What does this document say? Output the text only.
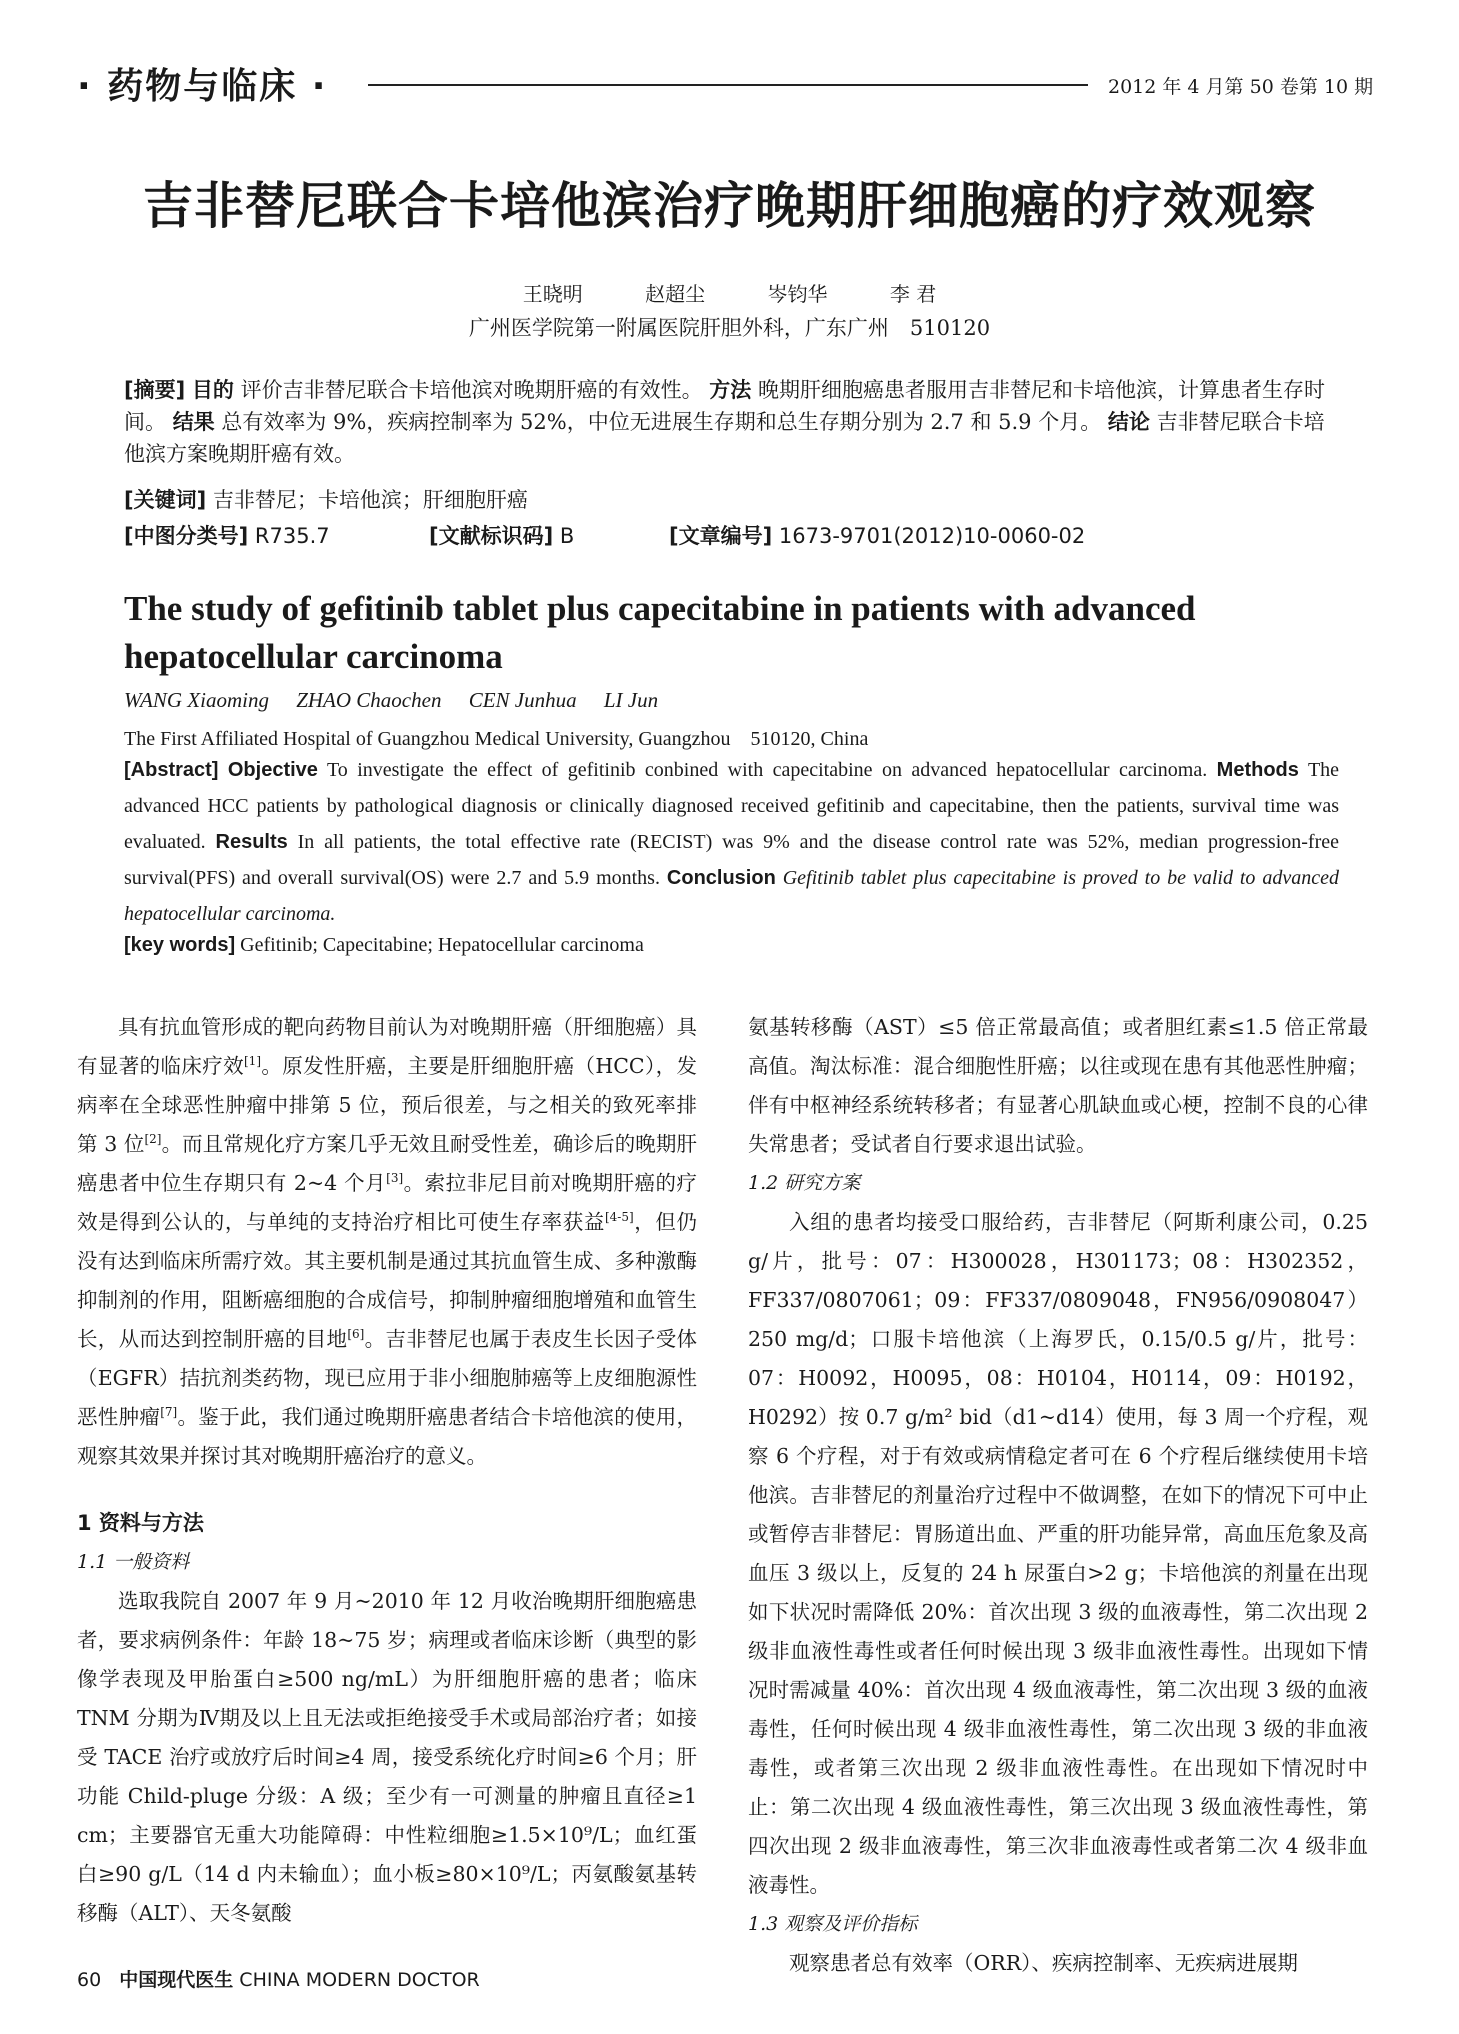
· 药物与临床 ·	2012 年 4 月第 50 卷第 10 期
吉非替尼联合卡培他滨治疗晚期肝细胞癌的疗效观察
王晓明	赵超尘	岑钧华	李 君
广州医学院第一附属医院肝胆外科，广东广州　510120
[摘要] 目的 评价吉非替尼联合卡培他滨对晚期肝癌的有效性。 方法 晚期肝细胞癌患者服用吉非替尼和卡培他滨，计算患者生存时间。 结果 总有效率为 9%，疾病控制率为 52%，中位无进展生存期和总生存期分别为 2.7 和 5.9 个月。 结论 吉非替尼联合卡培他滨方案晚期肝癌有效。
[关键词] 吉非替尼；卡培他滨；肝细胞肝癌
[中图分类号] R735.7	[文献标识码] B	[文章编号] 1673-9701(2012)10-0060-02
The study of gefitinib tablet plus capecitabine in patients with advanced hepatocellular carcinoma
WANG Xiaoming ZHAO Chaochen CEN Junhua LI Jun
The First Affiliated Hospital of Guangzhou Medical University, Guangzhou　510120, China
[Abstract] Objective To investigate the effect of gefitinib conbined with capecitabine on advanced hepatocellular carcinoma. Methods The advanced HCC patients by pathological diagnosis or clinically diagnosed received gefitinib and capecitabine, then the patients, survival time was evaluated. Results In all patients, the total effective rate (RECIST) was 9% and the disease control rate was 52%, median progression-free survival(PFS) and overall survival(OS) were 2.7 and 5.9 months. Conclusion Gefitinib tablet plus capecitabine is proved to be valid to advanced hepatocellular carcinoma.
[key words] Gefitinib; Capecitabine; Hepatocellular carcinoma

具有抗血管形成的靶向药物目前认为对晚期肝癌（肝细胞癌）具有显著的临床疗效[1]。原发性肝癌，主要是肝细胞肝癌（HCC），发病率在全球恶性肿瘤中排第 5 位，预后很差，与之相关的致死率排第 3 位[2]。而且常规化疗方案几乎无效且耐受性差，确诊后的晚期肝癌患者中位生存期只有 2~4 个月[3]。索拉非尼目前对晚期肝癌的疗效是得到公认的，与单纯的支持治疗相比可使生存率获益[4-5]，但仍没有达到临床所需疗效。其主要机制是通过其抗血管生成、多种激酶抑制剂的作用，阻断癌细胞的合成信号，抑制肿瘤细胞增殖和血管生长，从而达到控制肝癌的目地[6]。吉非替尼也属于表皮生长因子受体（EGFR）拮抗剂类药物，现已应用于非小细胞肺癌等上皮细胞源性恶性肿瘤[7]。鉴于此，我们通过晚期肝癌患者结合卡培他滨的使用，观察其效果并探讨其对晚期肝癌治疗的意义。

1 资料与方法
1.1 一般资料

选取我院自 2007 年 9 月~2010 年 12 月收治晚期肝细胞癌患者，要求病例条件：年龄 18~75 岁；病理或者临床诊断（典型的影像学表现及甲胎蛋白≥500 ng/mL）为肝细胞肝癌的患者；临床 TNM 分期为Ⅳ期及以上且无法或拒绝接受手术或局部治疗者；如接受 TACE 治疗或放疗后时间≥4 周，接受系统化疗时间≥6 个月；肝功能 Child-pluge 分级：A 级；至少有一可测量的肿瘤且直径≥1 cm；主要器官无重大功能障碍：中性粒细胞≥1.5×10⁹/L；血红蛋白≥90 g/L（14 d 内未输血）；血小板≥80×10⁹/L；丙氨酸氨基转移酶（ALT）、天冬氨酸

氨基转移酶（AST）≤5 倍正常最高值；或者胆红素≤1.5 倍正常最高值。淘汰标准：混合细胞性肝癌；以往或现在患有其他恶性肿瘤；伴有中枢神经系统转移者；有显著心肌缺血或心梗，控制不良的心律失常患者；受试者自行要求退出试验。

1.2 研究方案

入组的患者均接受口服给药，吉非替尼（阿斯利康公司，0.25 g/片，批号：07：H300028，H301173；08：H302352，FF337/0807061；09：FF337/0809048，FN956/0908047）250 mg/d；口服卡培他滨（上海罗氏，0.15/0.5 g/片，批号：07：H0092，H0095，08：H0104，H0114，09：H0192，H0292）按 0.7 g/m² bid（d1~d14）使用，每 3 周一个疗程，观察 6 个疗程，对于有效或病情稳定者可在 6 个疗程后继续使用卡培他滨。吉非替尼的剂量治疗过程中不做调整，在如下的情况下可中止或暂停吉非替尼：胃肠道出血、严重的肝功能异常，高血压危象及高血压 3 级以上，反复的 24 h 尿蛋白>2 g；卡培他滨的剂量在出现如下状况时需降低 20%：首次出现 3 级的血液毒性，第二次出现 2 级非血液性毒性或者任何时候出现 3 级非血液性毒性。出现如下情况时需减量 40%：首次出现 4 级血液毒性，第二次出现 3 级的血液毒性，任何时候出现 4 级非血液性毒性，第二次出现 3 级的非血液毒性，或者第三次出现 2 级非血液性毒性。在出现如下情况时中止：第二次出现 4 级血液性毒性，第三次出现 3 级血液性毒性，第四次出现 2 级非血液毒性，第三次非血液毒性或者第二次 4 级非血液毒性。

1.3 观察及评价指标

观察患者总有效率（ORR）、疾病控制率、无疾病进展期

60 中国现代医生 CHINA MODERN DOCTOR
